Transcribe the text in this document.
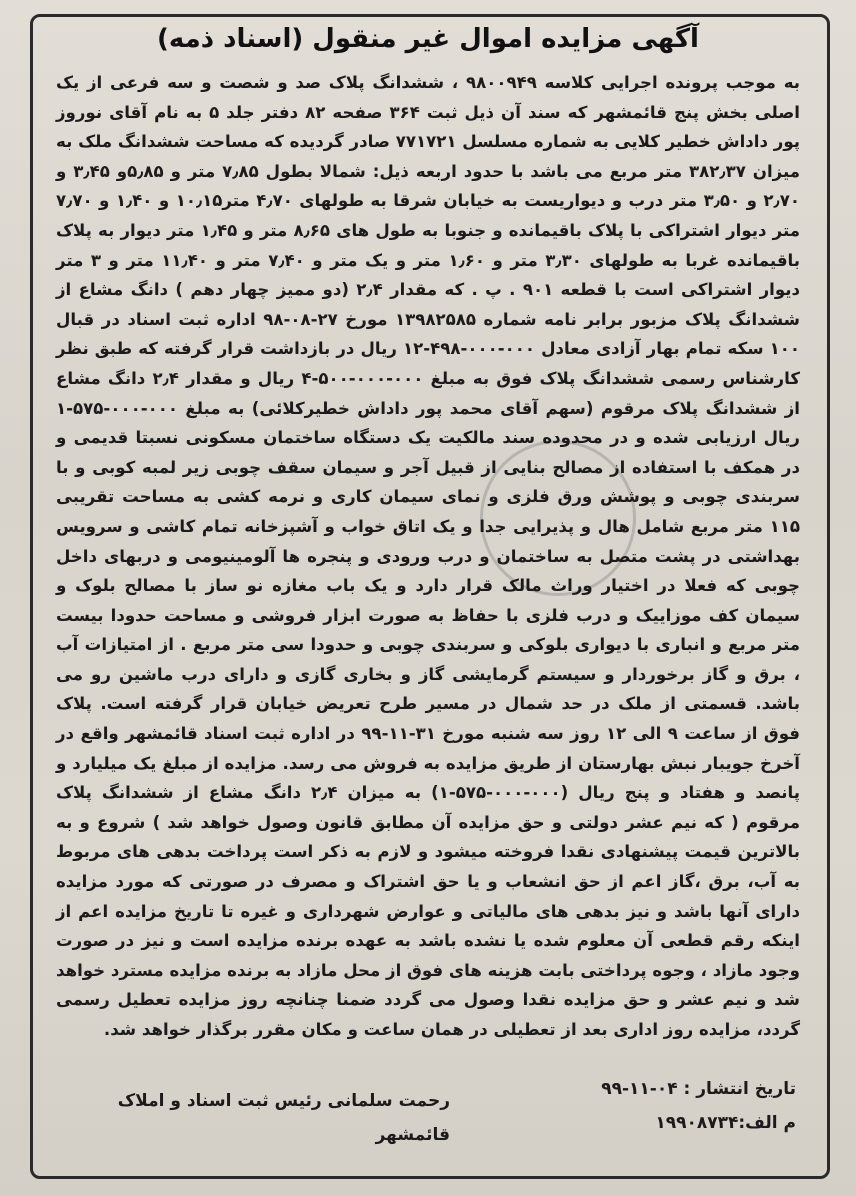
آگهی مزایده اموال غیر منقول (اسناد ذمه)

به موجب پرونده اجرایی کلاسه ۹۸۰۰۹۴۹ ، ششدانگ پلاک صد و شصت و سه فرعی از یک اصلی بخش پنج قائمشهر که سند آن ذیل ثبت ۳۶۴ صفحه ۸۲ دفتر جلد ۵ به نام آقای نوروز پور داداش خطیر کلایی به شماره مسلسل ۷۷۱۷۲۱ صادر گردیده که مساحت ششدانگ ملک به میزان ۳۸۲٫۳۷ متر مربع می باشد با حدود اربعه ذیل: شمالا بطول ۷٫۸۵ متر و ۵٫۸۵و ۳٫۴۵ و ۲٫۷۰ و ۳٫۵۰ متر درب و دیواریست به خیابان شرقا به طولهای ۴٫۷۰ متر۱۰٫۱۵ و ۱٫۴۰ و ۷٫۷۰ متر دیوار اشتراکی با پلاک باقیمانده و جنوبا به طول های ۸٫۶۵ متر و ۱٫۴۵ متر دیوار به پلاک باقیمانده غربا به طولهای ۳٫۳۰ متر و ۱٫۶۰ متر و یک متر و ۷٫۴۰ متر و ۱۱٫۴۰ متر و ۳ متر دیوار اشتراکی است با قطعه ۹۰۱ . پ . که مقدار ۲٫۴ (دو ممیز چهار دهم ) دانگ مشاع از ششدانگ پلاک مزبور برابر نامه شماره ۱۳۹۸۲۵۸۵ مورخ ۲۷-۰۸-۹۸ اداره ثبت اسناد در قبال ۱۰۰ سکه تمام بهار آزادی معادل ۰۰۰-۰۰۰-۴۹۸-۱۲ ریال در بازداشت قرار گرفته که طبق نظر کارشناس رسمی ششدانگ پلاک فوق به مبلغ ۰۰۰-۰۰۰-۵۰۰-۴ ریال و مقدار ۲٫۴ دانگ مشاع از ششدانگ پلاک مرقوم (سهم آقای محمد پور داداش خطیرکلائی) به مبلغ ۰۰۰-۰۰۰-۵۷۵-۱ ریال ارزیابی شده و در محدوده سند مالکیت یک دستگاه ساختمان مسکونی نسبتا قدیمی و در همکف با استفاده از مصالح بنایی از قبیل آجر و سیمان سقف چوبی زیر لمبه کوبی و با سربندی چوبی و پوشش ورق فلزی و نمای سیمان کاری و نرمه کشی به مساحت تقریبی ۱۱۵ متر مربع شامل هال و پذیرایی جدا و یک اتاق خواب و آشپزخانه تمام کاشی و سرویس بهداشتی در پشت متصل به ساختمان و درب ورودی و پنجره ها آلومینیومی و دربهای داخل چوبی که فعلا در اختیار وراث مالک قرار دارد و یک باب مغازه نو ساز با مصالح بلوک و سیمان کف موزاییک و درب فلزی با حفاظ به صورت ابزار فروشی و مساحت حدودا بیست متر مربع و انباری با دیواری بلوکی و سربندی چوبی و حدودا سی متر مربع . از امتیازات آب ، برق و گاز برخوردار و سیستم گرمایشی گاز و بخاری گازی و دارای درب ماشین رو می باشد. قسمتی از ملک در حد شمال در مسیر طرح تعریض خیابان قرار گرفته است. پلاک فوق از ساعت ۹ الی ۱۲ روز سه شنبه مورخ ۳۱-۱۱-۹۹ در اداره ثبت اسناد قائمشهر واقع در آخرخ جویبار نبش بهارستان از طریق مزایده به فروش می رسد. مزایده از مبلغ یک میلیارد و پانصد و هفتاد و پنج ریال (۰۰۰-۰۰۰-۵۷۵-۱) به میزان ۲٫۴ دانگ مشاع از ششدانگ پلاک مرقوم ( که نیم عشر دولتی و حق مزایده آن مطابق قانون وصول خواهد شد ) شروع و به بالاترین قیمت پیشنهادی نقدا فروخته میشود و لازم به ذکر است پرداخت بدهی های مربوط به آب، برق ،گاز اعم از حق انشعاب و یا حق اشتراک و مصرف در صورتی که مورد مزایده دارای آنها باشد و نیز بدهی های مالیاتی و عوارض شهرداری و غیره تا تاریخ مزایده اعم از اینکه رقم قطعی آن معلوم شده یا نشده باشد به عهده برنده مزایده است و نیز در صورت وجود مازاد ، وجوه پرداختی بابت هزینه های فوق از محل مازاد به برنده مزایده مسترد خواهد شد و نیم عشر و حق مزایده نقدا وصول می گردد ضمنا چنانچه روز مزایده تعطیل رسمی گردد، مزایده روز اداری بعد از تعطیلی در همان ساعت و مکان مقرر برگذار خواهد شد.

تاریخ انتشار : ۰۴-۱۱-۹۹
م الف:۱۹۹۰۸۷۳۴
رحمت سلمانی رئیس ثبت اسناد و املاک
قائمشهر
